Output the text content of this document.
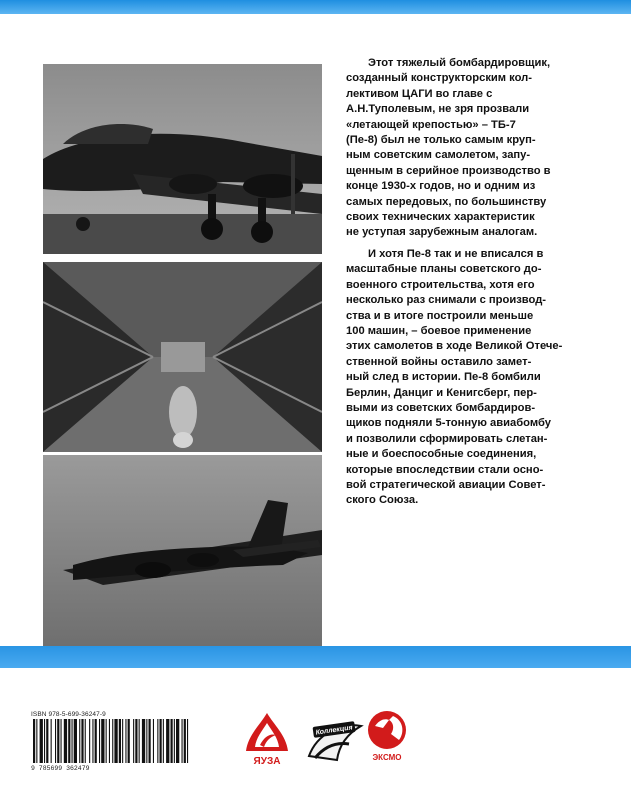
Этот тяжелый бомбардировщик,
созданный конструкторским кол-
лективом ЦАГИ во главе с
А.Н.Туполевым, не зря прозвали
«летающей крепостью» – ТБ-7
(Пе-8) был не только самым круп-
ным советским самолетом, запу-
щенным в серийное производство в
конце 1930-х годов, но и одним из
самых передовых, по большинству
своих технических характеристик
не уступая зарубежным аналогам.

И хотя Пе-8 так и не вписался в
масштабные планы советского до-
военного строительства, хотя его
несколько раз снимали с производ-
ства и в итоге построили меньше
100 машин, – боевое применение
этих самолетов в ходе Великой Отече-
ственной войны оставило замет-
ный след в истории. Пе-8 бомбили
Берлин, Данциг и Кенигсберг, пер-
выми из советских бомбардиров-
щиков подняли 5-тонную авиабомбу
и позволили сформировать слетан-
ные и боеспособные соединения,
которые впоследствии стали осно-
вой стратегической авиации Совет-
ского Союза.

ISBN 978-5-699-36247-9
9 785699 362479
ЯУЗА
Коллекция
ЭКСМО
